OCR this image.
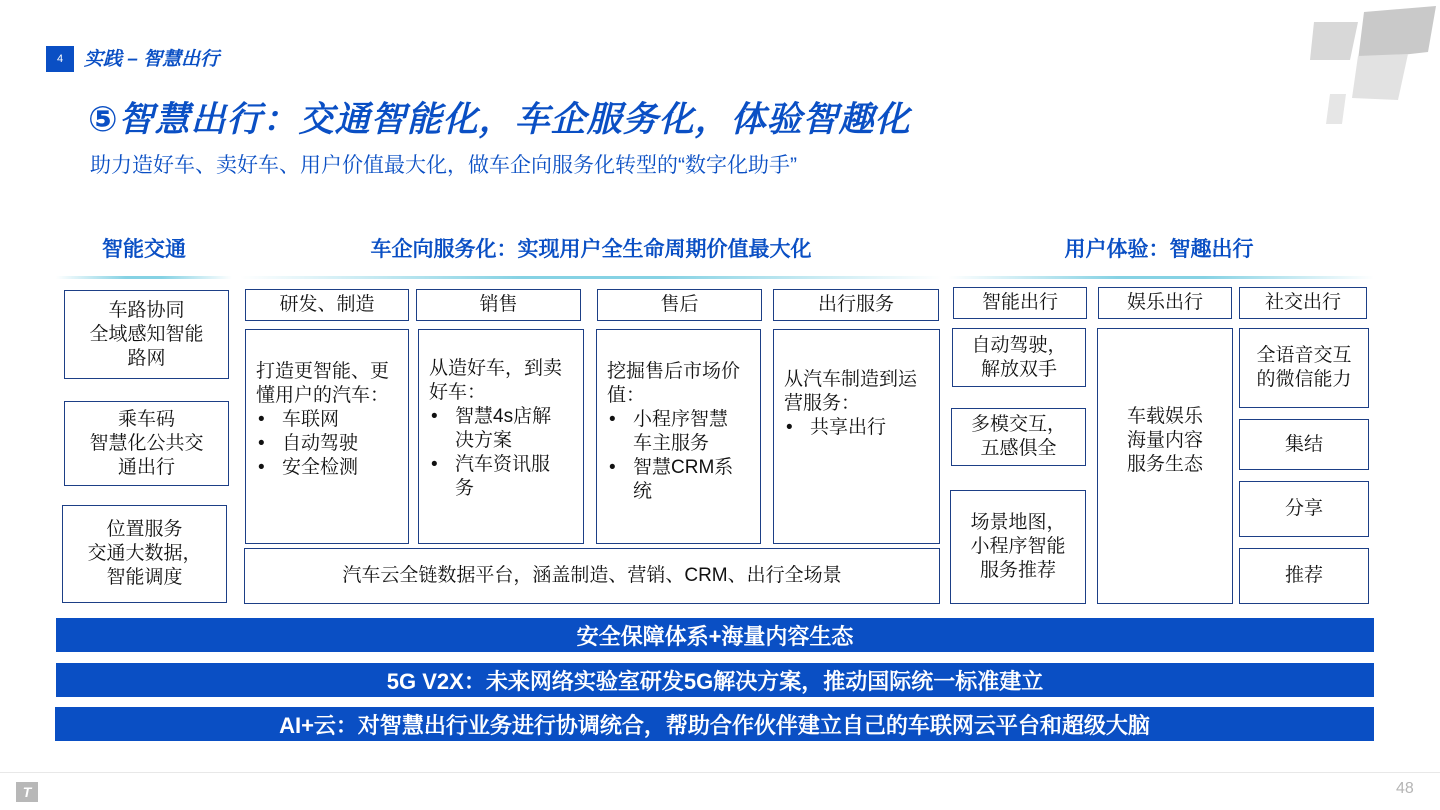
4	实践 – 智慧出行
⑤智慧出行：交通智能化，车企服务化，体验智趣化
助力造好车、卖好车、用户价值最大化，做车企向服务化转型的“数字化助手”
智能交通	车企向服务化：实现用户全生命周期价值最大化	用户体验：智趣出行
车路协同
全域感知智能
路网
乘车码
智慧化公共交
通出行
位置服务
交通大数据，
智能调度
研发、制造	销售	售后	出行服务
打造更智能、更
懂用户的汽车：
• 车联网
• 自动驾驶
• 安全检测
从造好车，到卖
好车：
• 智慧4s店解
决方案
• 汽车资讯服
务
挖掘售后市场价
值：
• 小程序智慧
车主服务
• 智慧CRM系
统
从汽车制造到运
营服务：
• 共享出行
汽车云全链数据平台，涵盖制造、营销、CRM、出行全场景
智能出行	娱乐出行	社交出行
自动驾驶，
解放双手
多模交互，
五感俱全
场景地图，
小程序智能
服务推荐
车载娱乐
海量内容
服务生态
全语音交互
的微信能力
集结
分享
推荐
安全保障体系+海量内容生态
5G V2X：未来网络实验室研发5G解决方案，推动国际统一标准建立
AI+云：对智慧出行业务进行协调统合，帮助合作伙伴建立自己的车联网云平台和超级大脑
T	48
